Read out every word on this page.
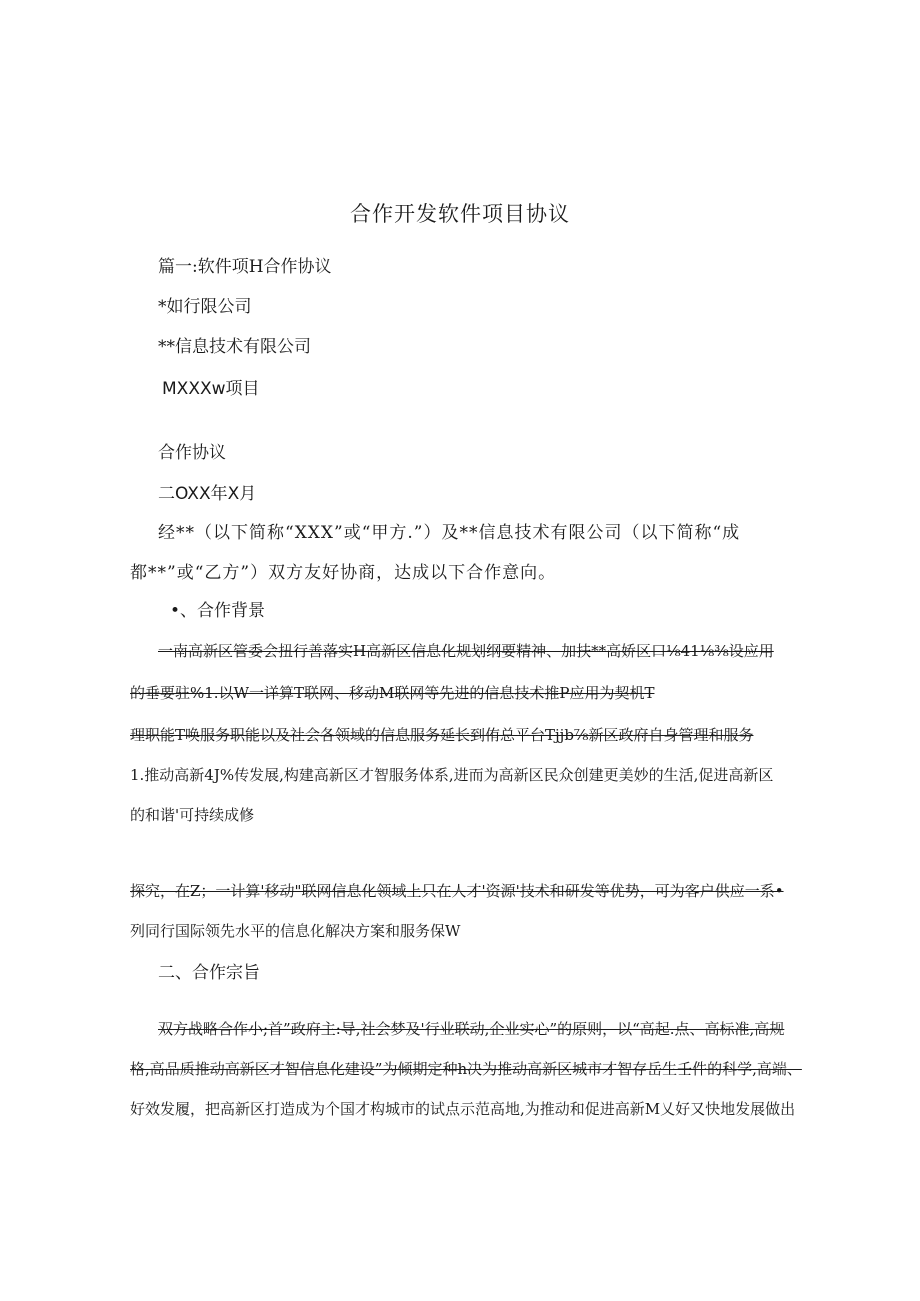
合作开发软件项目协议
篇一:软件项H合作协议
*如行限公司
**信息技术有限公司
MXXXw项目
合作协议
二OXX年X月
经**（以下简称“XXX”或“甲方.”）及**信息技术有限公司（以下简称“成
都**”或“乙方”）双方友好协商，达成以下合作意向。
•、合作背景
一南高新区管委会扭行善落实H高新区信息化规划纲要精神、加扶**高娇区口⅛41⅛⅜设应用
的垂要驻%1.以W一详算T联网、移动M联网等先进的信息技术推P应用为契机T
理职能T唤服务职能以及社会各领域的信息服务延长到侑总平台Tjjb⅞新区政府自身管理和服务
1.推动高新4J%传发展,构建高新区才智服务体系,进而为高新区民众创建更美妙的生活,促进高新区
的和谐'可持续成修
探究，在Z；一计算'移动"联网信息化领域上只在人才'资源'技术和研发等优势，可为客户供应一系•
列同行国际领先水平的信息化解决方案和服务保W
二、合作宗旨
双方战略合作小;首”政府主:导,社会梦及'行业联动,企业实心”的原则，以“高起.点、高标准,高规
格,高品质推动高新区才智信息化建设”为倾期定种h决为推动高新区城市才智存岳生壬件的科学,高端、
好效发履，把高新区打造成为个国才构城市的试点示范高地,为推动和促进高新M乂好又快地发展做出
